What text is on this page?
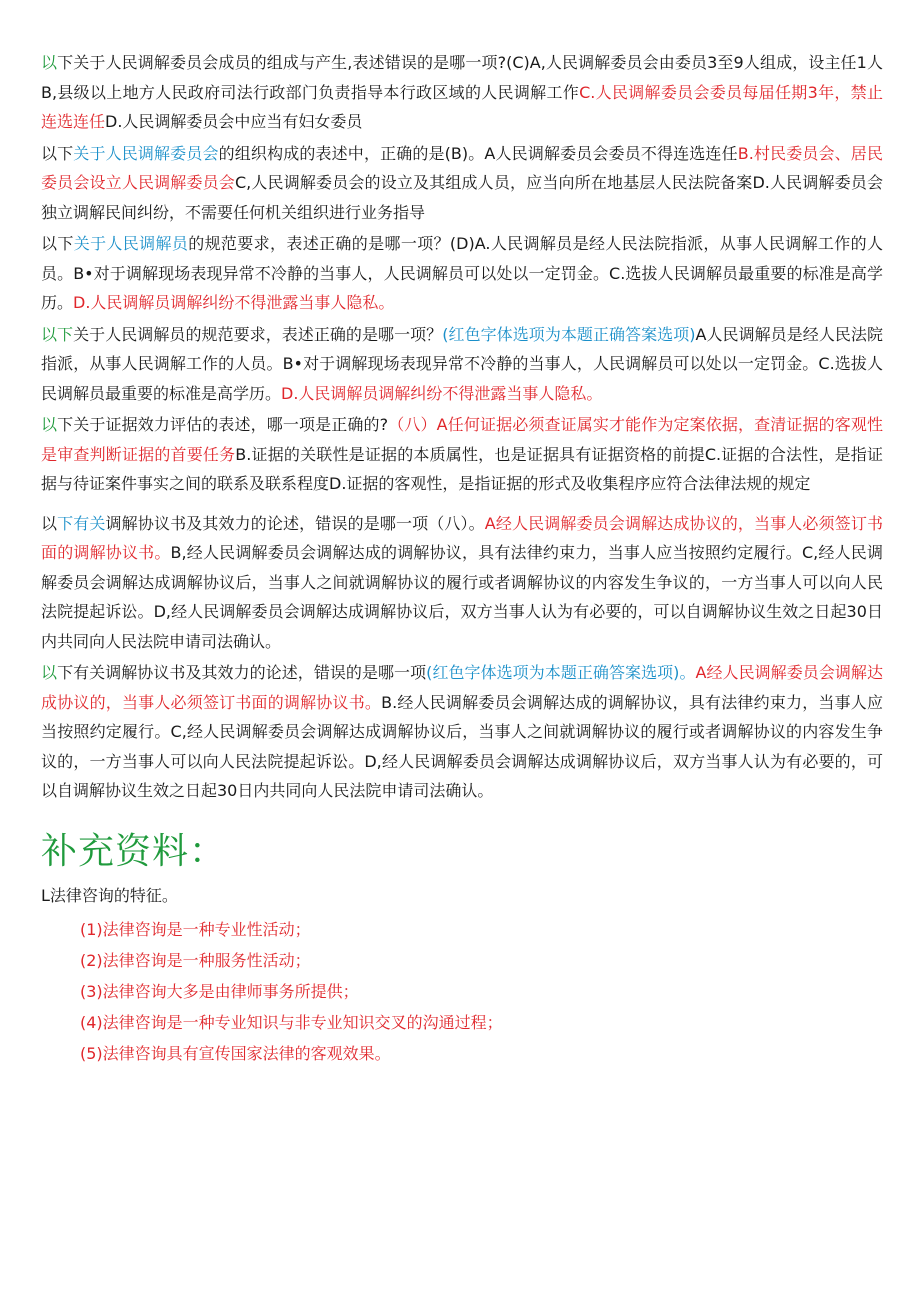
以下关于人民调解委员会成员的组成与产生,表述错误的是哪一项?(C)A,人民调解委员会由委员3至9人组成，设主任1人B,县级以上地方人民政府司法行政部门负责指导本行政区域的人民调解工作C.人民调解委员会委员每届任期3年，禁止连选连任D.人民调解委员会中应当有妇女委员

以下关于人民调解委员会的组织构成的表述中，正确的是(B)。A人民调解委员会委员不得连选连任B.村民委员会、居民委员会设立人民调解委员会C,人民调解委员会的设立及其组成人员，应当向所在地基层人民法院备案D.人民调解委员会独立调解民间纠纷，不需要任何机关组织进行业务指导

以下关于人民调解员的规范要求，表述正确的是哪一项？(D)A.人民调解员是经人民法院指派，从事人民调解工作的人员。B•对于调解现场表现异常不冷静的当事人，人民调解员可以处以一定罚金。C.选拔人民调解员最重要的标准是高学历。D.人民调解员调解纠纷不得泄露当事人隐私。

以下关于人民调解员的规范要求，表述正确的是哪一项？(红色字体选项为本题正确答案选项)A人民调解员是经人民法院指派，从事人民调解工作的人员。B•对于调解现场表现异常不冷静的当事人，人民调解员可以处以一定罚金。C.选拔人民调解员最重要的标准是高学历。D.人民调解员调解纠纷不得泄露当事人隐私。

以下关于证据效力评估的表述，哪一项是正确的?（八）A任何证据必须查证属实才能作为定案依据，查清证据的客观性是审查判断证据的首要任务B.证据的关联性是证据的本质属性，也是证据具有证据资格的前提C.证据的合法性，是指证据与待证案件事实之间的联系及联系程度D.证据的客观性，是指证据的形式及收集程序应符合法律法规的规定

以下有关调解协议书及其效力的论述，错误的是哪一项（八）。A经人民调解委员会调解达成协议的，当事人必须签订书面的调解协议书。B,经人民调解委员会调解达成的调解协议，具有法律约束力，当事人应当按照约定履行。C,经人民调解委员会调解达成调解协议后，当事人之间就调解协议的履行或者调解协议的内容发生争议的，一方当事人可以向人民法院提起诉讼。D,经人民调解委员会调解达成调解协议后，双方当事人认为有必要的，可以自调解协议生效之日起30日内共同向人民法院申请司法确认。

以下有关调解协议书及其效力的论述，错误的是哪一项(红色字体选项为本题正确答案选项)。A经人民调解委员会调解达成协议的，当事人必须签订书面的调解协议书。B.经人民调解委员会调解达成的调解协议，具有法律约束力，当事人应当按照约定履行。C,经人民调解委员会调解达成调解协议后，当事人之间就调解协议的履行或者调解协议的内容发生争议的，一方当事人可以向人民法院提起诉讼。D,经人民调解委员会调解达成调解协议后，双方当事人认为有必要的，可以自调解协议生效之日起30日内共同向人民法院申请司法确认。

补充资料：

L法律咨询的特征。

(1)法律咨询是一种专业性活动；
(2)法律咨询是一种服务性活动；
(3)法律咨询大多是由律师事务所提供；
(4)法律咨询是一种专业知识与非专业知识交叉的沟通过程；
(5)法律咨询具有宣传国家法律的客观效果。
